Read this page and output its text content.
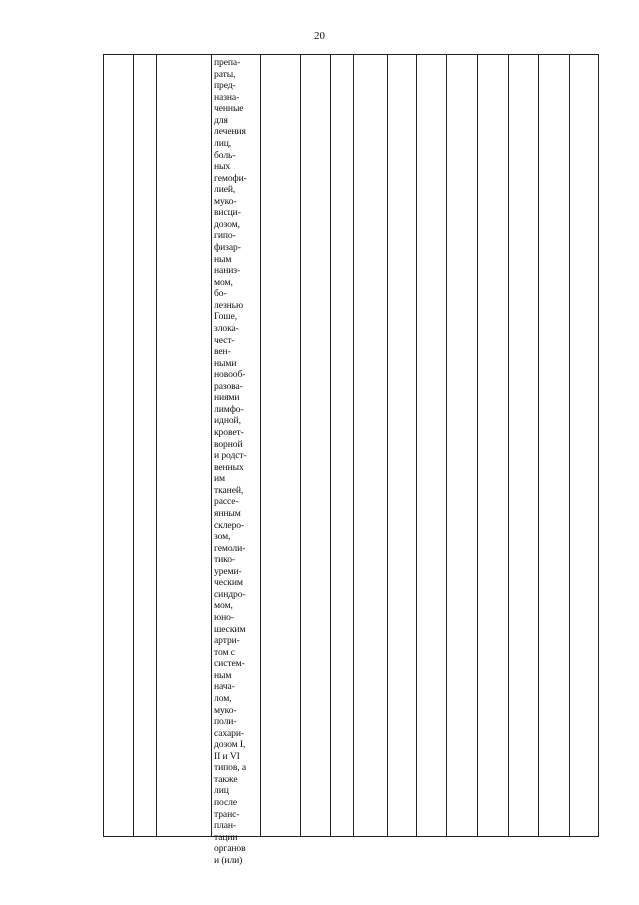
20
препа-
раты,
пред-
назна-
ченные
для
лечения
лиц,
боль-
ных
гемофи-
лией,
муко-
висци-
дозом,
гипо-
физар-
ным
наниз-
мом,
бо-
лезнью
Гоше,
злока-
чест-
вен-
ными
новооб-
разова-
ниями
лимфо-
идной,
кровет-
ворной
и родст-
венных
им
тканей,
рассе-
янным
склеро-
зом,
гемоли-
тико-
уреми-
ческим
синдро-
мом,
юно-
шеским
артри-
том с
систем-
ным
нача-
лом,
муко-
поли-
сахари-
дозом I,
II и VI
типов, а
также
лиц
после
транс-
план-
тации
органов
и (или)
